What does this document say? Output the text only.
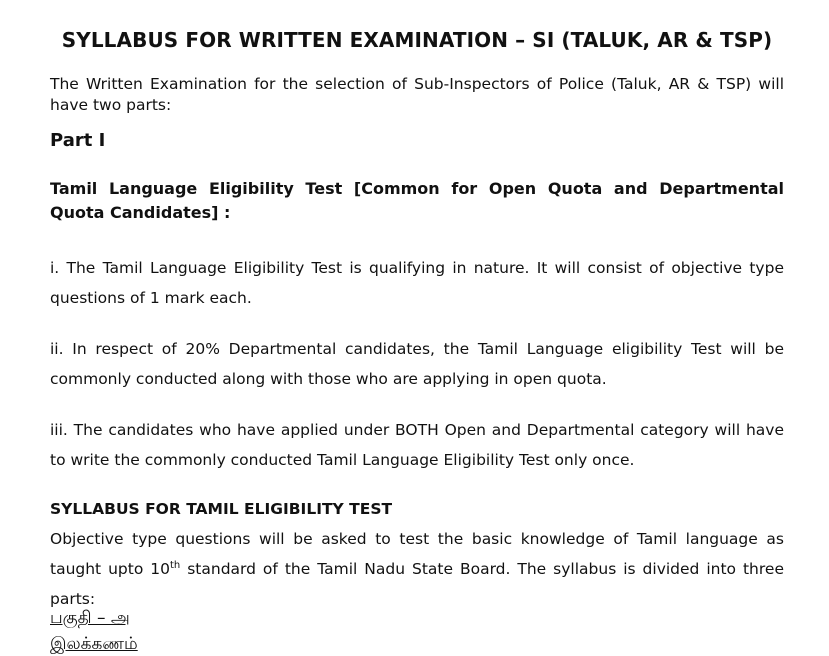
SYLLABUS FOR WRITTEN EXAMINATION – SI (TALUK, AR & TSP)

The Written Examination for the selection of Sub-Inspectors of Police (Taluk, AR & TSP) will have two parts:

Part I

Tamil Language Eligibility Test [Common for Open Quota and Departmental Quota Candidates] :

i. The Tamil Language Eligibility Test is qualifying in nature. It will consist of objective type questions of 1 mark each.

ii. In respect of 20% Departmental candidates, the Tamil Language eligibility Test will be commonly conducted along with those who are applying in open quota.

iii. The candidates who have applied under BOTH Open and Departmental category will have to write the commonly conducted Tamil Language Eligibility Test only once.

SYLLABUS FOR TAMIL ELIGIBILITY TEST

Objective type questions will be asked to test the basic knowledge of Tamil language as taught upto 10th standard of the Tamil Nadu State Board. The syllabus is divided into three parts:

பகுதி – அ

இலக்கணம்
